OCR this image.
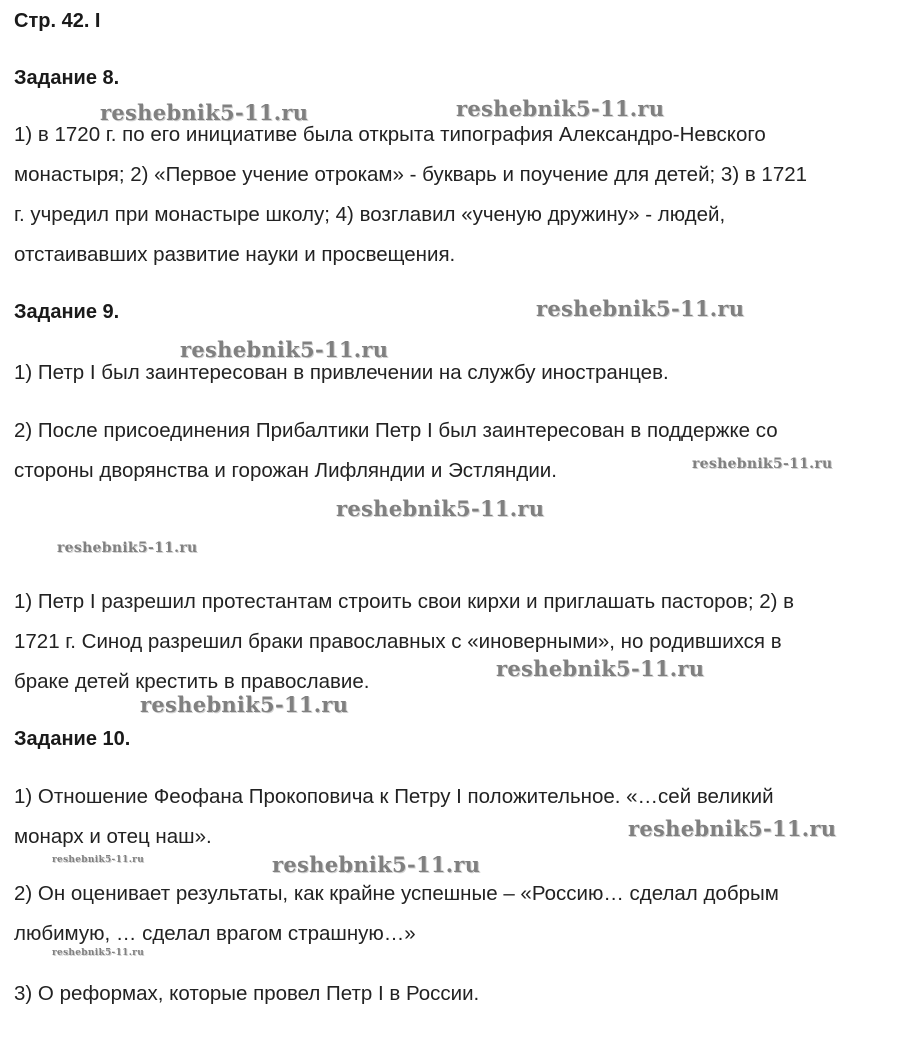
Стр. 42. I
Задание 8.
1) в 1720 г. по его инициативе была открыта типография Александро-Невского
монастыря; 2) «Первое учение отрокам» - букварь и поучение для детей; 3) в 1721
г. учредил при монастыре школу; 4) возглавил «ученую дружину» - людей,
отстаивавших развитие науки и просвещения.
Задание 9.
1) Петр I был заинтересован в привлечении на службу иностранцев.
2) После присоединения Прибалтики Петр I был заинтересован в поддержке со
стороны дворянства и горожан Лифляндии и Эстляндии.
1) Петр I разрешил протестантам строить свои кирхи и приглашать пасторов; 2) в
1721 г. Синод разрешил браки православных с «иноверными», но родившихся в
браке детей крестить в православие.
Задание 10.
1) Отношение Феофана Прокоповича к Петру I положительное. «…сей великий
монарх и отец наш».
2) Он оценивает результаты, как крайне успешные – «Россию… сделал добрым
любимую, … сделал врагом страшную…»
3) О реформах, которые провел Петр I в России.
reshebnik5-11.ru	reshebnik5-11.ru
reshebnik5-11.ru
reshebnik5-11.ru
reshebnik5-11.ru
reshebnik5-11.ru
reshebnik5-11.ru
reshebnik5-11.ru
reshebnik5-11.ru
reshebnik5-11.ru
reshebnik5-11.ru	reshebnik5-11.ru
reshebnik5-11.ru
